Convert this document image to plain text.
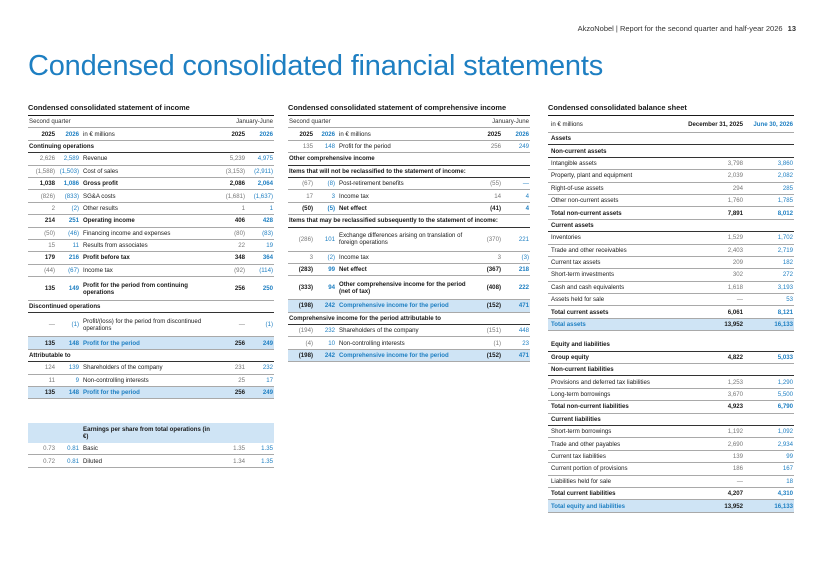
AkzoNobel | Report for the second quarter and half-year 2026 13
Condensed consolidated financial statements
Condensed consolidated statement of income
Second quarter			January-June	
2025	2026	in € millions	2025	2026
Continuing operations				
2,626	2,589	Revenue	5,239	4,975
(1,588)	(1,503)	Cost of sales	(3,153)	(2,911)
1,038	1,086	Gross profit	2,086	2,064
(826)	(833)	SG&A costs	(1,681)	(1,637)
2	(2)	Other results	1	1
214	251	Operating income	406	428
(50)	(46)	Financing income and expenses	(80)	(83)
15	11	Results from associates	22	19
179	216	Profit before tax	348	364
(44)	(67)	Income tax	(92)	(114)
135	149	Profit for the period from continuing operations	256	250
Discontinued operations				
—	(1)	Profit/(loss) for the period from discontinued operations	—	(1)
135	148	Profit for the period	256	249
Attributable to				
124	139	Shareholders of the company	231	232
11	9	Non-controlling interests	25	17
135	148	Profit for the period	256	249
		Earnings per share from total operations (in €)		
0.73	0.81	Basic	1.35	1.35
0.72	0.81	Diluted	1.34	1.35
Condensed consolidated statement of comprehensive income
Second quarter			January-June	
2025	2026	in € millions	2025	2026
135	148	Profit for the period	256	249
Other comprehensive income				
Items that will not be reclassified to the statement of income:				
(67)	(8)	Post-retirement benefits	(55)	—
17	3	Income tax	14	4
(50)	(5)	Net effect	(41)	4
Items that may be reclassified subsequently to the statement of income:				
(286)	101	Exchange differences arising on translation of foreign operations	(370)	221
3	(2)	Income tax	3	(3)
(283)	99	Net effect	(367)	218
(333)	94	Other comprehensive income for the period (net of tax)	(408)	222
(198)	242	Comprehensive income for the period	(152)	471
Comprehensive income for the period attributable to				
(194)	232	Shareholders of the company	(151)	448
(4)	10	Non-controlling interests	(1)	23
(198)	242	Comprehensive income for the period	(152)	471
Condensed consolidated balance sheet
in € millions	December 31, 2025	June 30, 2026
Assets		
Non-current assets		
Intangible assets	3,798	3,860
Property, plant and equipment	2,039	2,082
Right-of-use assets	294	285
Other non-current assets	1,760	1,785
Total non-current assets	7,891	8,012
Current assets		
Inventories	1,529	1,702
Trade and other receivables	2,403	2,719
Current tax assets	209	182
Short-term investments	302	272
Cash and cash equivalents	1,618	3,193
Assets held for sale	—	53
Total current assets	6,061	8,121
Total assets	13,952	16,133

Equity and liabilities		
Group equity	4,822	5,033
Non-current liabilities		
Provisions and deferred tax liabilities	1,253	1,290
Long-term borrowings	3,670	5,500
Total non-current liabilities	4,923	6,790
Current liabilities		
Short-term borrowings	1,192	1,092
Trade and other payables	2,690	2,934
Current tax liabilities	139	99
Current portion of provisions	186	167
Liabilities held for sale	—	18
Total current liabilities	4,207	4,310
Total equity and liabilities	13,952	16,133
